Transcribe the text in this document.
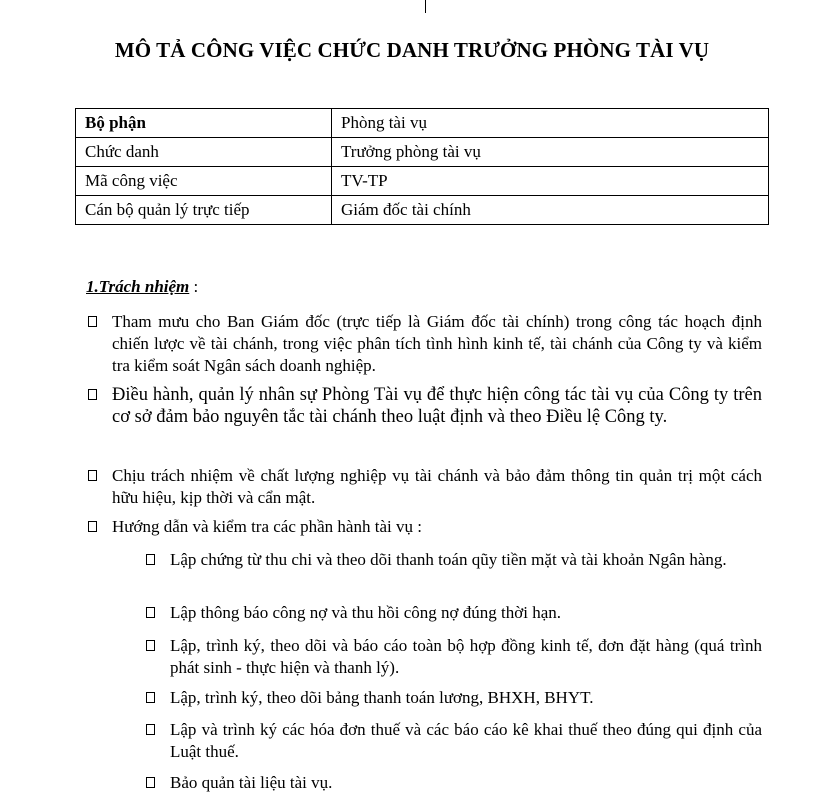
MÔ TẢ CÔNG VIỆC CHỨC DANH TRƯỞNG PHÒNG TÀI VỤ
Bộ phận	Phòng tài vụ
Chức danh	Trưởng phòng tài vụ
Mã công việc	TV-TP
Cán bộ quản lý trực tiếp	Giám đốc tài chính
1.Trách nhiệm :
Tham mưu cho Ban Giám đốc (trực tiếp là Giám đốc tài chính) trong công tác hoạch định chiến lược về tài chánh, trong việc phân tích tình hình kinh tế, tài chánh của Công ty và kiểm tra kiểm soát Ngân sách doanh nghiệp.
Điều hành, quản lý nhân sự Phòng Tài vụ để thực hiện công tác tài vụ của Công ty trên cơ sở đảm bảo nguyên tắc tài chánh theo luật định và theo Điều lệ Công ty.
Chịu trách nhiệm về chất lượng nghiệp vụ tài chánh và bảo đảm thông tin quản trị một cách hữu hiệu, kịp thời và cẩn mật.
Hướng dẫn và kiểm tra các phần hành tài vụ :
Lập chứng từ thu chi và theo dõi thanh toán qũy tiền mặt và tài khoản Ngân hàng.
Lập thông báo công nợ và thu hồi công nợ đúng thời hạn.
Lập, trình ký, theo dõi và báo cáo toàn bộ hợp đồng kinh tế, đơn đặt hàng (quá trình phát sinh - thực hiện và thanh lý).
Lập, trình ký, theo dõi bảng thanh toán lương, BHXH, BHYT.
Lập và trình ký các hóa đơn thuế và các báo cáo kê khai thuế theo đúng qui định của Luật thuế.
Bảo quản tài liệu tài vụ.
